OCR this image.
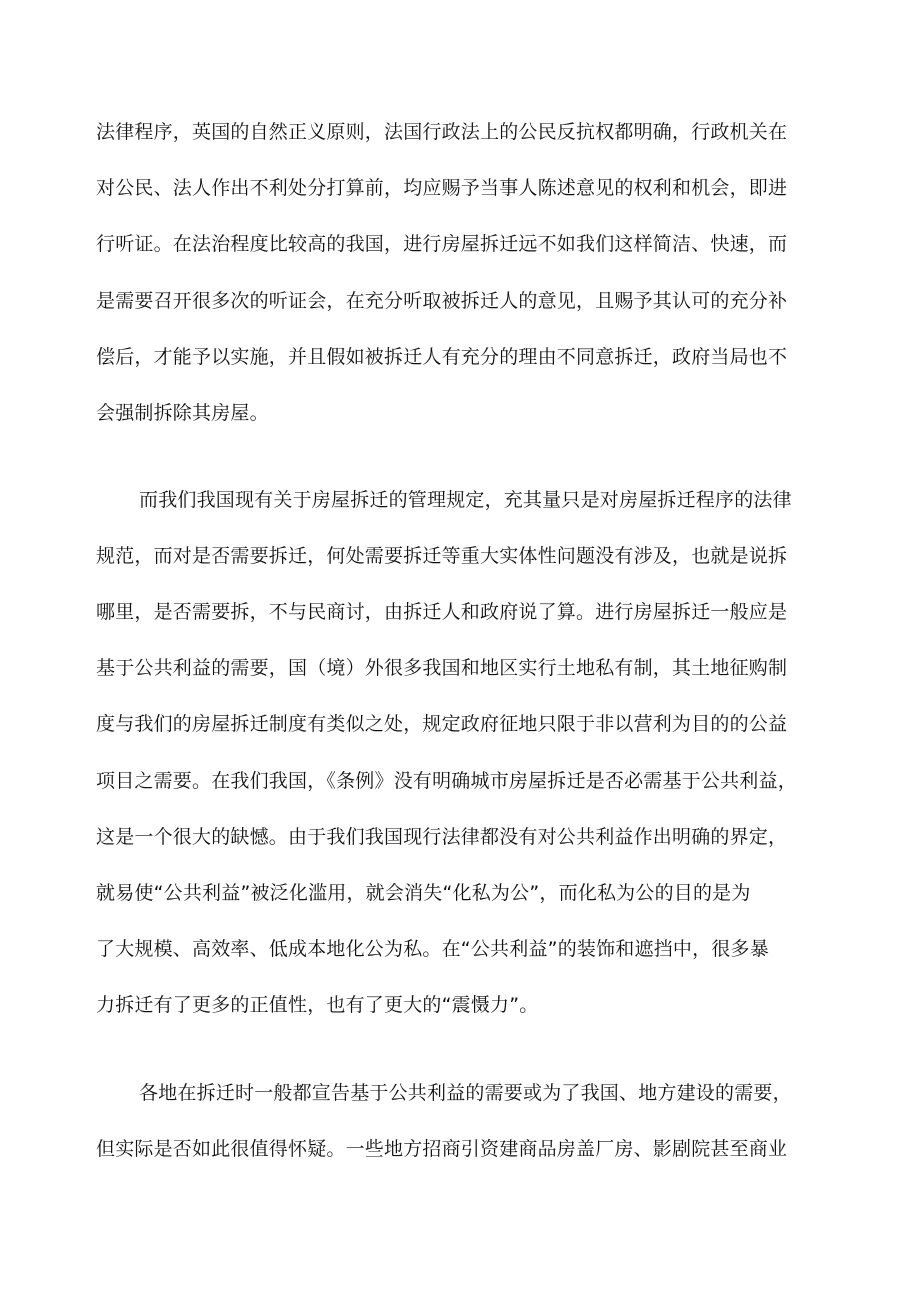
法律程序，英国的自然正义原则，法国行政法上的公民反抗权都明确，行政机关在
对公民、法人作出不利处分打算前，均应赐予当事人陈述意见的权利和机会，即进
行听证。在法治程度比较高的我国，进行房屋拆迁远不如我们这样简洁、快速，而
是需要召开很多次的听证会，在充分听取被拆迁人的意见，且赐予其认可的充分补
偿后，才能予以实施，并且假如被拆迁人有充分的理由不同意拆迁，政府当局也不
会强制拆除其房屋。
而我们我国现有关于房屋拆迁的管理规定，充其量只是对房屋拆迁程序的法律
规范，而对是否需要拆迁，何处需要拆迁等重大实体性问题没有涉及，也就是说拆
哪里，是否需要拆，不与民商讨，由拆迁人和政府说了算。进行房屋拆迁一般应是
基于公共利益的需要，国（境）外很多我国和地区实行土地私有制，其土地征购制
度与我们的房屋拆迁制度有类似之处，规定政府征地只限于非以营利为目的的公益
项目之需要。在我们我国，《条例》没有明确城市房屋拆迁是否必需基于公共利益，
这是一个很大的缺憾。由于我们我国现行法律都没有对公共利益作出明确的界定，
就易使“公共利益”被泛化滥用，就会消失“化私为公”，而化私为公的目的是为
了大规模、高效率、低成本地化公为私。在“公共利益”的装饰和遮挡中，很多暴
力拆迁有了更多的正值性，也有了更大的“震慑力”。
各地在拆迁时一般都宣告基于公共利益的需要或为了我国、地方建设的需要，
但实际是否如此很值得怀疑。一些地方招商引资建商品房盖厂房、影剧院甚至商业
